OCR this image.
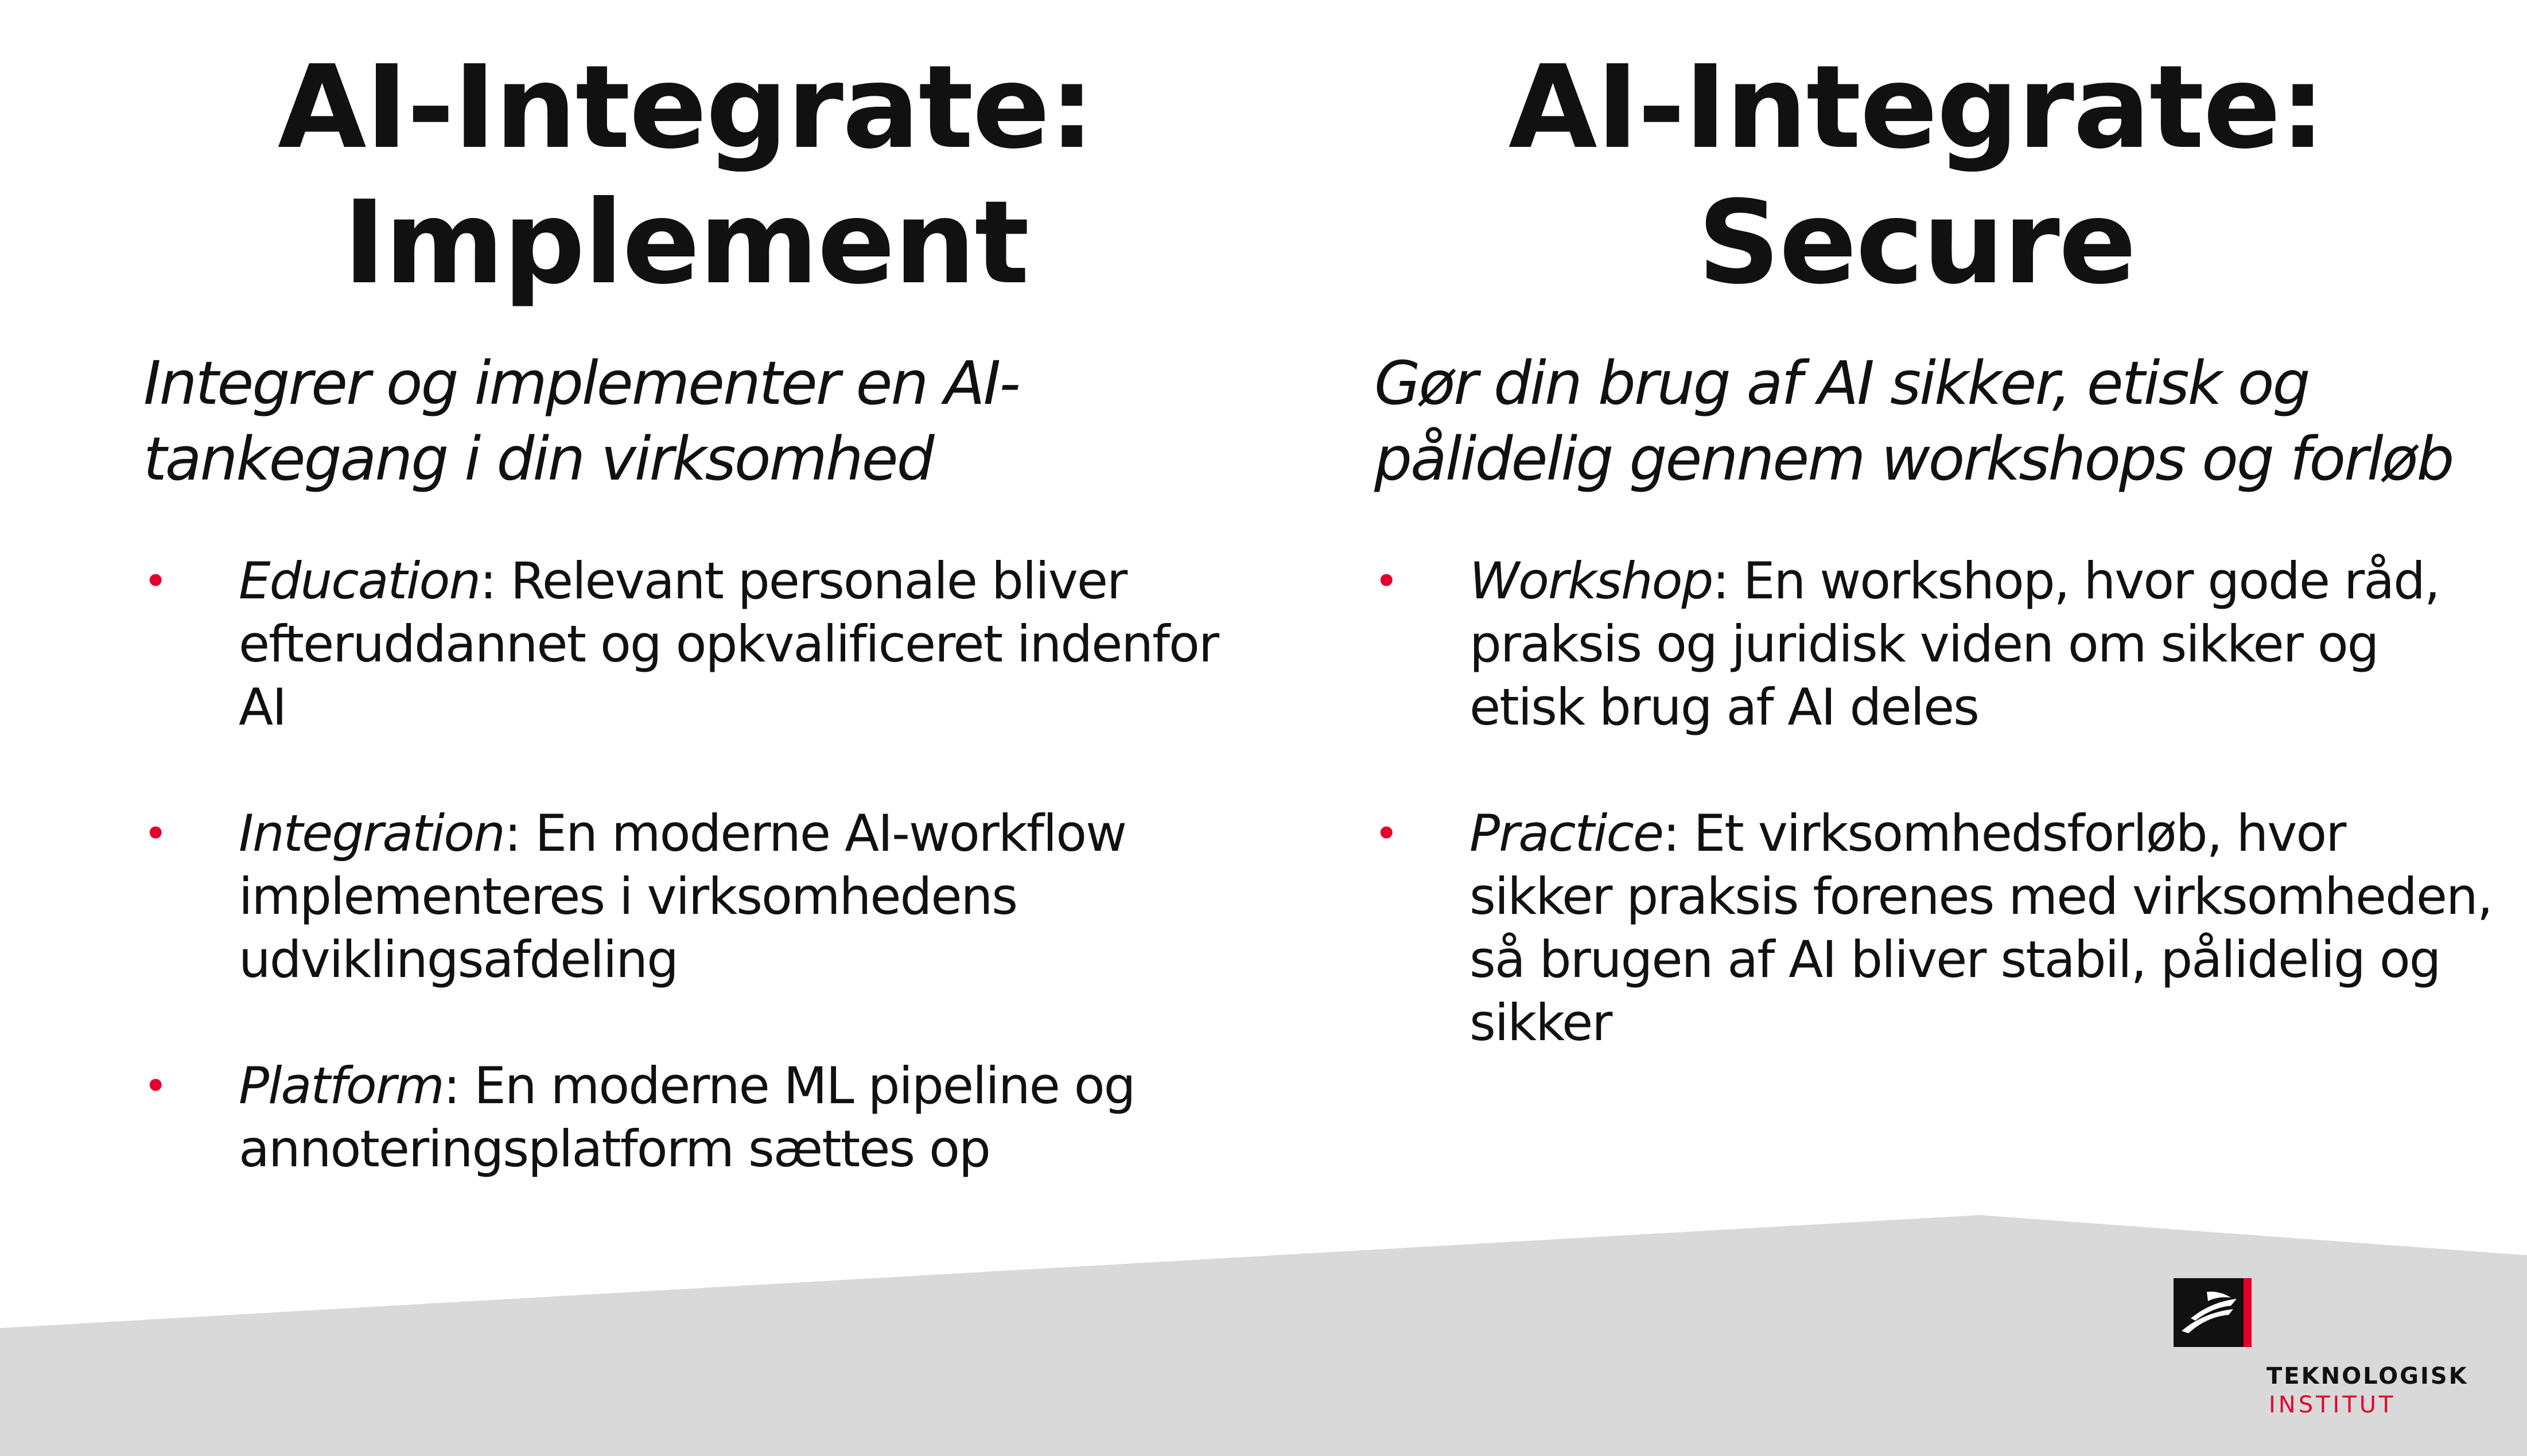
AI-Integrate:
Implement

Integrer og implementer en AI-tankegang i din virksomhed

• Education: Relevant personale bliver efteruddannet og opkvalificeret indenfor AI
• Integration: En moderne AI-workflow implementeres i virksomhedens udviklingsafdeling
• Platform: En moderne ML pipeline og annoteringsplatform sættes op
AI-Integrate:
Secure

Gør din brug af AI sikker, etisk og pålidelig gennem workshops og forløb

• Workshop: En workshop, hvor gode råd, praksis og juridisk viden om sikker og etisk brug af AI deles
• Practice: Et virksomhedsforløb, hvor sikker praksis forenes med virksomheden, så brugen af AI bliver stabil, pålidelig og sikker
TEKNOLOGISK
INSTITUT
